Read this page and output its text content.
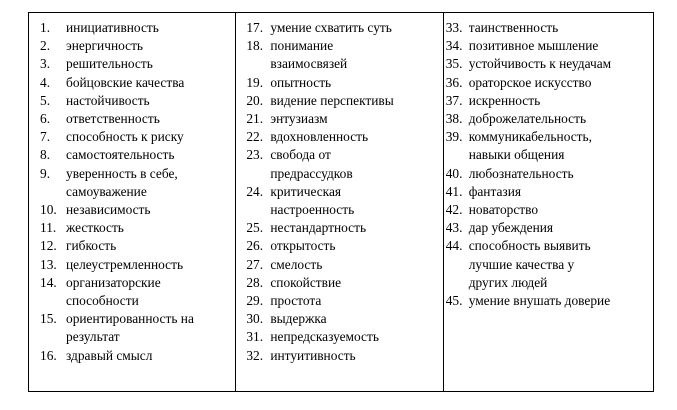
1.	инициативность
2.	энергичность
3.	решительность
4.	бойцовские качества
5.	настойчивость
6.	ответственность
7.	способность к риску
8.	самостоятельность
9.	уверенность в себе,
самоуважение
10. независимость
11. жесткость
12. гибкость
13. целеустремленность
14. организаторские
способности
15. ориентированность на
результат
16. здравый смысл
17. умение схватить суть
18. понимание
взаимосвязей
19. опытность
20. видение перспективы
21. энтузиазм
22. вдохновленность
23. свобода от
предрассудков
24. критическая
настроенность
25. нестандартность
26. открытость
27. смелость
28. спокойствие
29. простота
30. выдержка
31. непредсказуемость
32. интуитивность
33. таинственность
34. позитивное мышление
35. устойчивость к неудачам
36. ораторское искусство
37. искренность
38. доброжелательность
39. коммуникабельность,
навыки общения
40. любознательность
41. фантазия
42. новаторство
43. дар убеждения
44. способность выявить
лучшие качества у
других людей
45. умение внушать доверие
